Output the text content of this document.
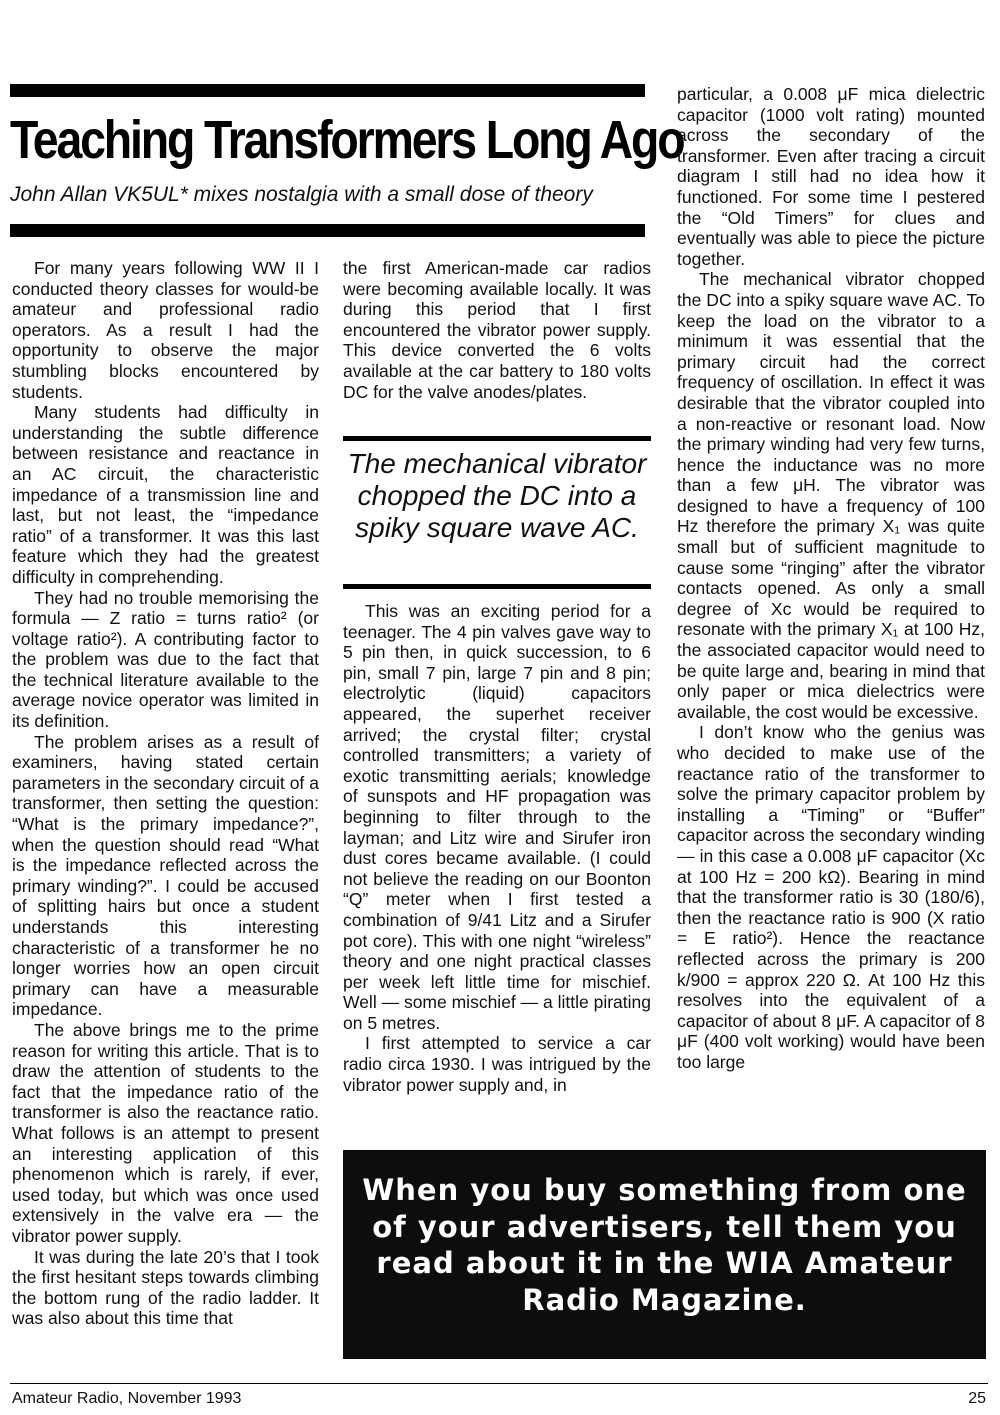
Teaching Transformers Long Ago

John Allan VK5UL* mixes nostalgia with a small dose of theory

For many years following WW II I conducted theory classes for would-be amateur and professional radio operators. As a result I had the opportunity to observe the major stumbling blocks encountered by students.

Many students had difficulty in understanding the subtle difference between resistance and reactance in an AC circuit, the characteristic impedance of a transmission line and last, but not least, the “impedance ratio” of a transformer. It was this last feature which they had the greatest difficulty in comprehending.

They had no trouble memorising the formula — Z ratio = turns ratio² (or voltage ratio²). A contributing factor to the problem was due to the fact that the technical literature available to the average novice operator was limited in its definition.

The problem arises as a result of examiners, having stated certain parameters in the secondary circuit of a transformer, then setting the question: “What is the primary impedance?”, when the question should read “What is the impedance reflected across the primary winding?”. I could be accused of splitting hairs but once a student understands this interesting characteristic of a transformer he no longer worries how an open circuit primary can have a measurable impedance.

The above brings me to the prime reason for writing this article. That is to draw the attention of students to the fact that the impedance ratio of the transformer is also the reactance ratio. What follows is an attempt to present an interesting application of this phenomenon which is rarely, if ever, used today, but which was once used extensively in the valve era — the vibrator power supply.

It was during the late 20’s that I took the first hesitant steps towards climbing the bottom rung of the radio ladder. It was also about this time that

the first American-made car radios were becoming available locally. It was during this period that I first encountered the vibrator power supply. This device converted the 6 volts available at the car battery to 180 volts DC for the valve anodes/plates.

The mechanical vibrator chopped the DC into a spiky square wave AC.

This was an exciting period for a teenager. The 4 pin valves gave way to 5 pin then, in quick succession, to 6 pin, small 7 pin, large 7 pin and 8 pin; electrolytic (liquid) capacitors appeared, the superhet receiver arrived; the crystal filter; crystal controlled transmitters; a variety of exotic transmitting aerials; knowledge of sunspots and HF propagation was beginning to filter through to the layman; and Litz wire and Sirufer iron dust cores became available. (I could not believe the reading on our Boonton “Q” meter when I first tested a combination of 9/41 Litz and a Sirufer pot core). This with one night “wireless” theory and one night practical classes per week left little time for mischief. Well — some mischief — a little pirating on 5 metres.

I first attempted to service a car radio circa 1930. I was intrigued by the vibrator power supply and, in

particular, a 0.008 μF mica dielectric capacitor (1000 volt rating) mounted across the secondary of the transformer. Even after tracing a circuit diagram I still had no idea how it functioned. For some time I pestered the “Old Timers” for clues and eventually was able to piece the picture together.

The mechanical vibrator chopped the DC into a spiky square wave AC. To keep the load on the vibrator to a minimum it was essential that the primary circuit had the correct frequency of oscillation. In effect it was desirable that the vibrator coupled into a non-reactive or resonant load. Now the primary winding had very few turns, hence the inductance was no more than a few μH. The vibrator was designed to have a frequency of 100 Hz therefore the primary X₁ was quite small but of sufficient magnitude to cause some “ringing” after the vibrator contacts opened. As only a small degree of Xc would be required to resonate with the primary X₁ at 100 Hz, the associated capacitor would need to be quite large and, bearing in mind that only paper or mica dielectrics were available, the cost would be excessive.

I don’t know who the genius was who decided to make use of the reactance ratio of the transformer to solve the primary capacitor problem by installing a “Timing” or “Buffer” capacitor across the secondary winding — in this case a 0.008 μF capacitor (Xc at 100 Hz = 200 kΩ). Bearing in mind that the transformer ratio is 30 (180/6), then the reactance ratio is 900 (X ratio = E ratio²). Hence the reactance reflected across the primary is 200 k/900 = approx 220 Ω. At 100 Hz this resolves into the equivalent of a capacitor of about 8 μF. A capacitor of 8 μF (400 volt working) would have been too large

When you buy something from one of your advertisers, tell them you read about it in the WIA Amateur Radio Magazine.

Amateur Radio, November 1993	25
